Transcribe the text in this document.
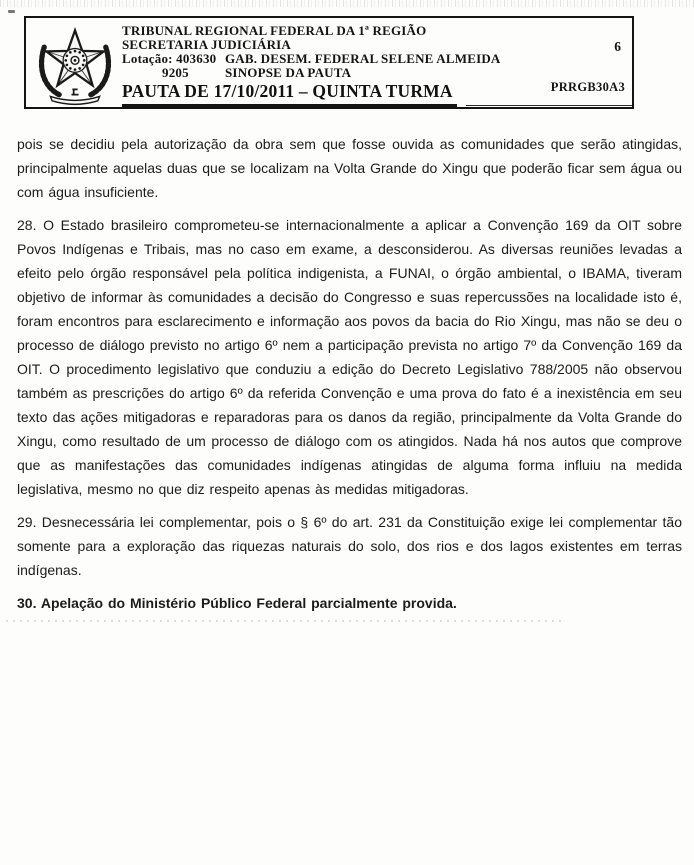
TRIBUNAL REGIONAL FEDERAL DA 1ª REGIÃO
SECRETARIA JUDICIÁRIA
Lotação: 403630 GAB. DESEM. FEDERAL SELENE ALMEIDA
9205	SINOPSE DA PAUTA
6
PRRGB30A3
PAUTA DE 17/10/2011 – QUINTA TURMA

pois se decidiu pela autorização da obra sem que fosse ouvida as comunidades que serão atingidas, principalmente aquelas duas que se localizam na Volta Grande do Xingu que poderão ficar sem água ou com água insuficiente.

28. O Estado brasileiro comprometeu-se internacionalmente a aplicar a Convenção 169 da OIT sobre Povos Indígenas e Tribais, mas no caso em exame, a desconsiderou. As diversas reuniões levadas a efeito pelo órgão responsável pela política indigenista, a FUNAI, o órgão ambiental, o IBAMA, tiveram objetivo de informar às comunidades a decisão do Congresso e suas repercussões na localidade isto é, foram encontros para esclarecimento e informação aos povos da bacia do Rio Xingu, mas não se deu o processo de diálogo previsto no artigo 6º nem a participação prevista no artigo 7º da Convenção 169 da OIT. O procedimento legislativo que conduziu a edição do Decreto Legislativo 788/2005 não observou também as prescrições do artigo 6º da referida Convenção e uma prova do fato é a inexistência em seu texto das ações mitigadoras e reparadoras para os danos da região, principalmente da Volta Grande do Xingu, como resultado de um processo de diálogo com os atingidos. Nada há nos autos que comprove que as manifestações das comunidades indígenas atingidas de alguma forma influiu na medida legislativa, mesmo no que diz respeito apenas às medidas mitigadoras.

29. Desnecessária lei complementar, pois o § 6º do art. 231 da Constituição exige lei complementar tão somente para a exploração das riquezas naturais do solo, dos rios e dos lagos existentes em terras indígenas.

30. Apelação do Ministério Público Federal parcialmente provida.
